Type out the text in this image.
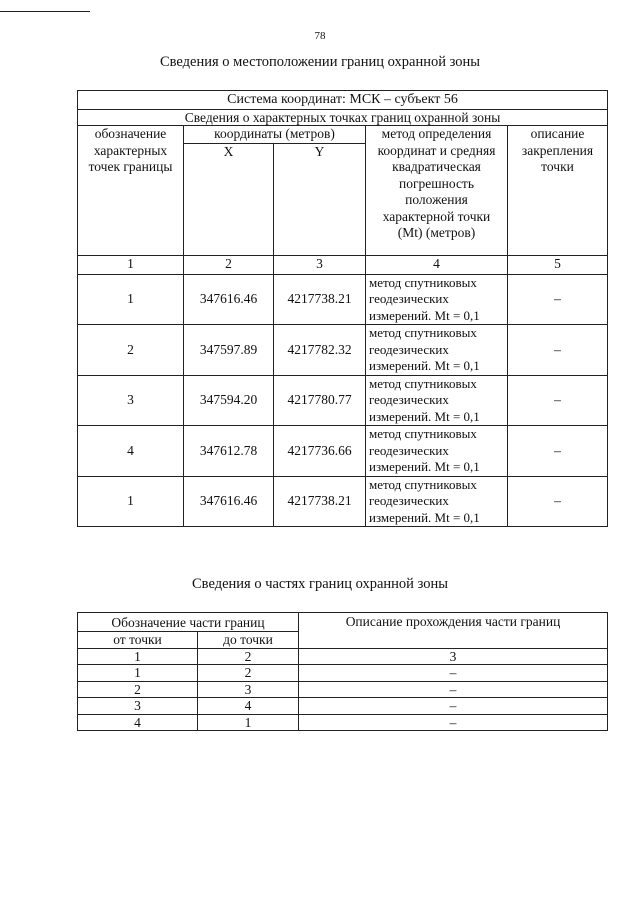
78
Сведения о местоположении границ охранной зоны
Система координат: МСК – субъект 56				
Сведения о характерных точках границ охранной зоны				
обозначение характерных точек границы	координаты (метров)		метод определения координат и средняя квадратическая погрешность положения характерной точки (Mt) (метров)	описание закрепления точки
	X	Y		
1	2	3	4	5
1	347616.46	4217738.21	метод спутниковых геодезических измерений. Mt = 0,1	–
2	347597.89	4217782.32	метод спутниковых геодезических измерений. Mt = 0,1	–
3	347594.20	4217780.77	метод спутниковых геодезических измерений. Mt = 0,1	–
4	347612.78	4217736.66	метод спутниковых геодезических измерений. Mt = 0,1	–
1	347616.46	4217738.21	метод спутниковых геодезических измерений. Mt = 0,1	–
Сведения о частях границ охранной зоны
Обозначение части границ		Описание прохождения части границ
от точки	до точки	
1	2	3
1	2	–
2	3	–
3	4	–
4	1	–
